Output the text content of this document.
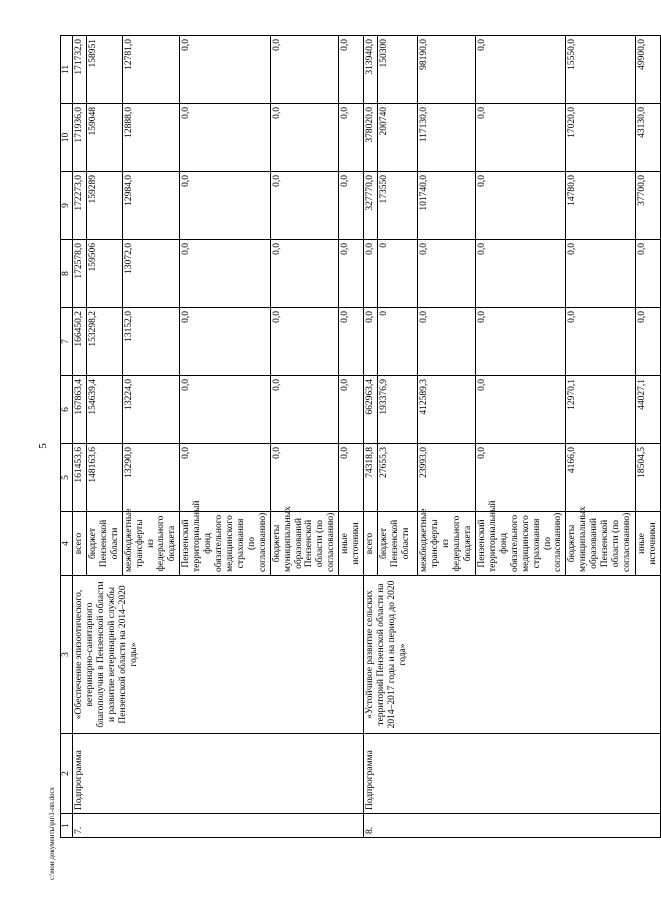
5
1	2	3	4	5	6	7	8	9	10	11
7.	Подпрограмма	«Обеспечение эпизоотического, ветеринарно-санитарного благополучия в Пензенской области и развитие ветеринарной службы Пензенской области на 2014–2020 годы»	всего	161453,6	167863,4	166450,2	172578,0	172273,0	171936,0	171732,0
			бюджет Пензенской области	148163,6	154639,4	153298,2	159506	159289	159048	158951
			межбюджетные трансферты из федерального бюджета	13290,0	13224,0	13152,0	13072,0	12984,0	12888,0	12781,0
			Пензенский территориальный фонд обязательного медицинского страхования (по согласованию)	0,0	0,0	0,0	0,0	0,0	0,0	0,0
			бюджеты муниципальных образований Пензенской области (по согласованию)	0,0	0,0	0,0	0,0	0,0	0,0	0,0
			иные источники	0,0	0,0	0,0	0,0	0,0	0,0	0,0
8.	Подпрограмма	«Устойчивое развитие сельских территорий Пензенской области на 2014–2017 годы и на период до 2020 года»	всего	74318,8	662963,4	0,0	0,0	327770,0	378020,0	313940,0
			бюджет Пензенской области	27655,3	193376,9	0	0	173550	200740	150300
			межбюджетные трансферты из федерального бюджета	23993,0	412589,3	0,0	0,0	101740,0	117130,0	98190,0
			Пензенский территориальный фонд обязательного медицинского страхования (по согласованию)	0,0	0,0	0,0	0,0	0,0	0,0	0,0
			бюджеты муниципальных образований Пензенской области (по согласованию)	4166,0	12970,1	0,0	0,0	14780,0	17020,0	15550,0
			иные источники	18504,5	44027,1	0,0	0,0	37700,0	43130,0	49900,0
c:\мои документы\рп\1-пп.docx
